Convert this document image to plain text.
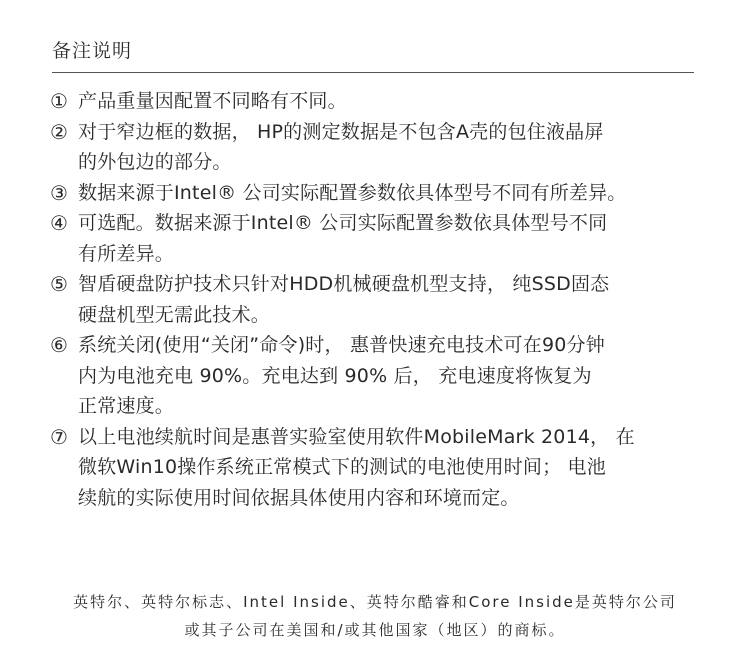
备注说明
① 产品重量因配置不同略有不同。
② 对于窄边框的数据， HP的测定数据是不包含A壳的包住液晶屏
的外包边的部分。
③ 数据来源于Intel® 公司实际配置参数依具体型号不同有所差异。
④ 可选配。数据来源于Intel® 公司实际配置参数依具体型号不同
有所差异。
⑤ 智盾硬盘防护技术只针对HDD机械硬盘机型支持， 纯SSD固态
硬盘机型无需此技术。
⑥ 系统关闭(使用“关闭”命令)时， 惠普快速充电技术可在90分钟
内为电池充电 90%。充电达到 90% 后， 充电速度将恢复为
正常速度。
⑦ 以上电池续航时间是惠普实验室使用软件MobileMark 2014， 在
微软Win10操作系统正常模式下的测试的电池使用时间； 电池
续航的实际使用时间依据具体使用内容和环境而定。
英特尔、英特尔标志、Intel Inside、英特尔酷睿和Core Inside是英特尔公司
或其子公司在美国和/或其他国家（地区）的商标。
